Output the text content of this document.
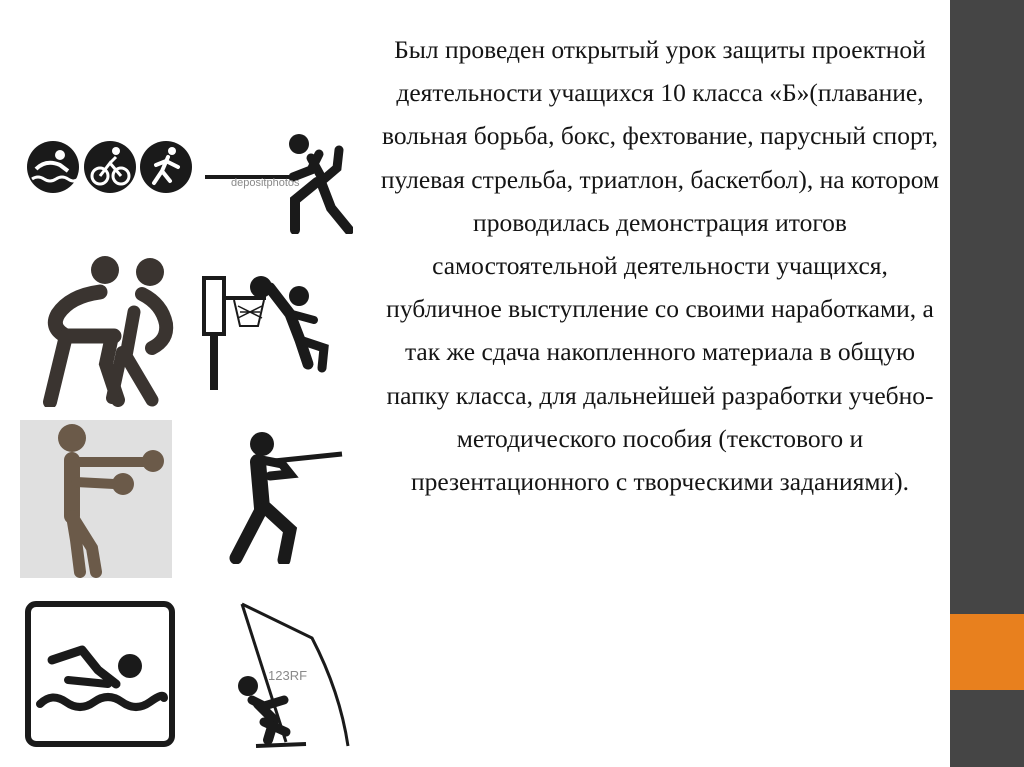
depositphotos
123RF

Был проведен открытый урок защиты проектной деятельности учащихся 10 класса «Б»(плавание, вольная борьба, бокс, фехтование, парусный спорт, пулевая стрельба, триатлон, баскетбол), на котором проводилась демонстрация итогов самостоятельной деятельности учащихся, публичное выступление со своими наработками, а так же сдача накопленного материала в общую папку класса, для дальнейшей разработки учебно-методического пособия (текстового и презентационного с творческими заданиями).
